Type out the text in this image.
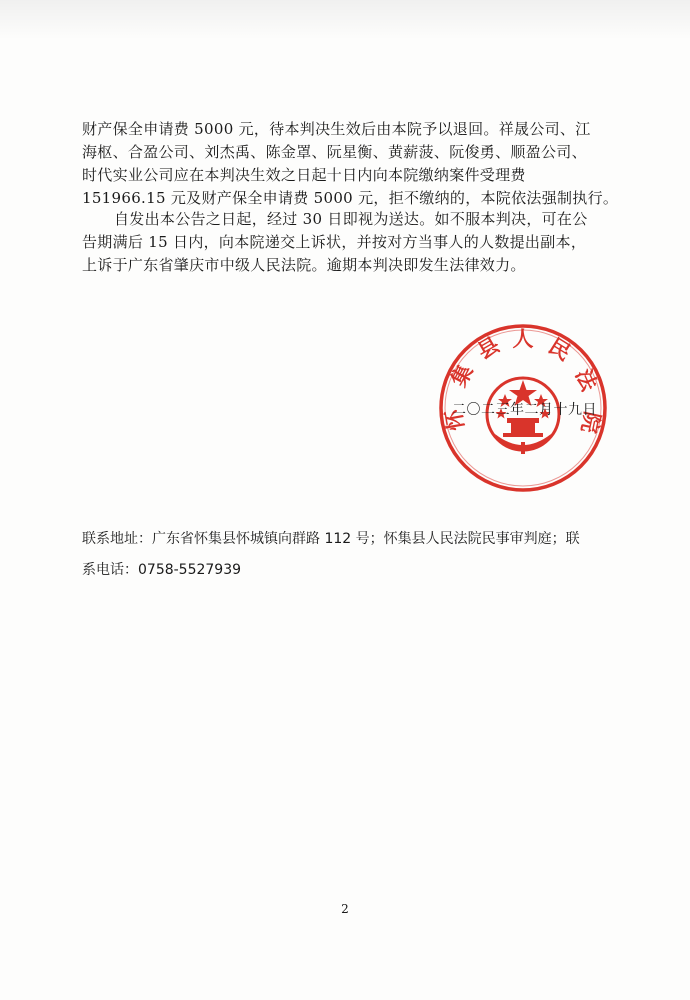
财产保全申请费 5000 元，待本判决生效后由本院予以退回。祥晟公司、江
海枢、合盈公司、刘杰禹、陈金罩、阮星衡、黄薪菠、阮俊勇、顺盈公司、
时代实业公司应在本判决生效之日起十日内向本院缴纳案件受理费
151966.15 元及财产保全申请费 5000 元，拒不缴纳的，本院依法强制执行。
自发出本公告之日起，经过 30 日即视为送达。如不服本判决，可在公
告期满后 15 日内，向本院递交上诉状，并按对方当事人的人数提出副本，
上诉于广东省肇庆市中级人民法院。逾期本判决即发生法律效力。
怀
集
县 人 民
法
院
二〇二三年二月十九日
联系地址：广东省怀集县怀城镇向群路 112 号；怀集县人民法院民事审判庭；联
系电话：0758-5527939
2
